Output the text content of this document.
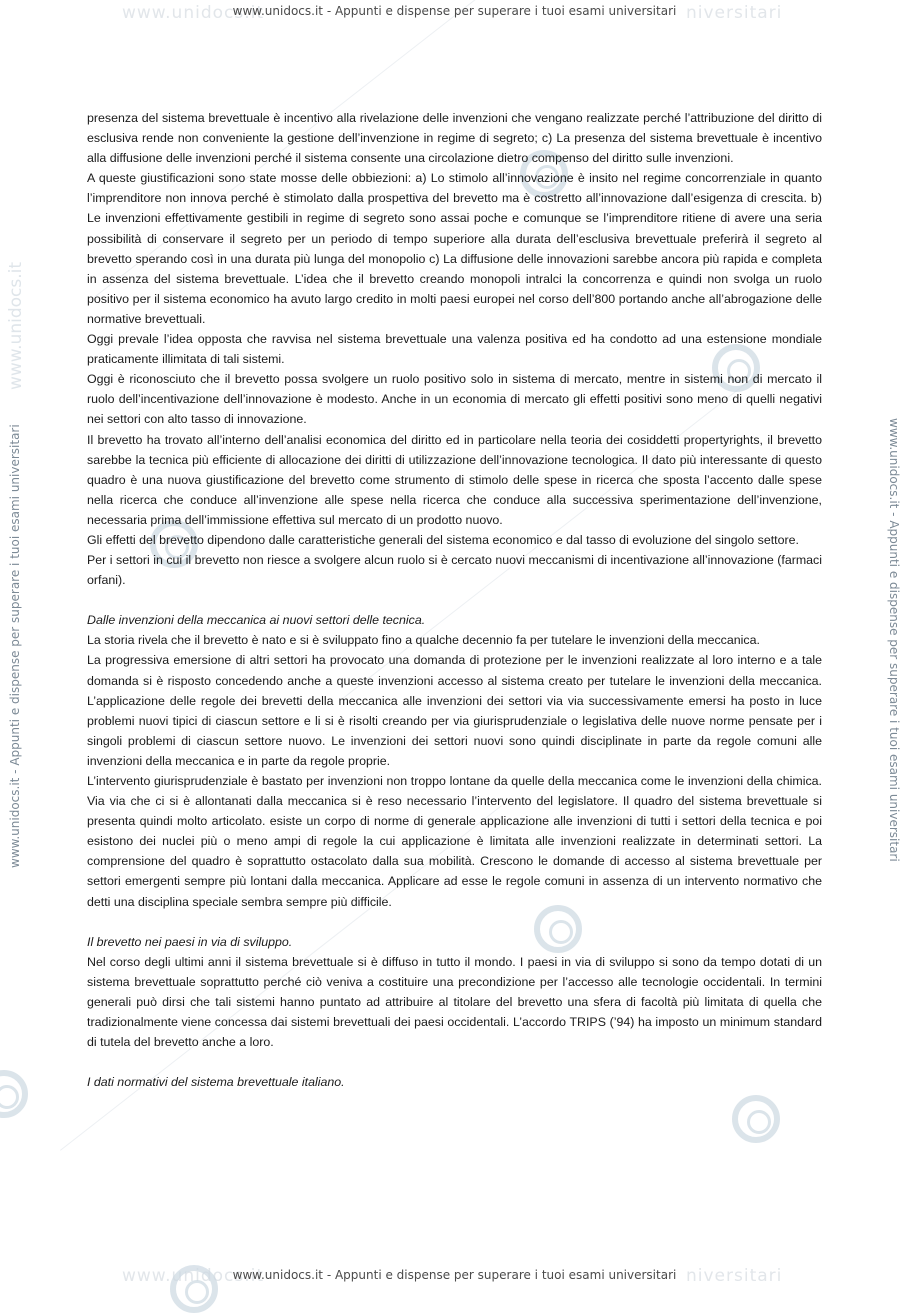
www.unidocs.it	niversitari
www.unidocs.it	niversitari
www.unidocs.it - Appunti e dispense per superare i tuoi esami universitari
www.unidocs.it - Appunti e dispense per superare i tuoi esami universitari	www.unidocs.it - Appunti e dispense per superare i tuoi esami universitari
www.unidocs.it

presenza del sistema brevettuale è incentivo alla rivelazione delle invenzioni che vengano realizzate perché l’attribuzione del diritto di esclusiva rende non conveniente la gestione dell’invenzione in regime di segreto; c) La presenza del sistema brevettuale è incentivo alla diffusione delle invenzioni perché il sistema consente una circolazione dietro compenso del diritto sulle invenzioni.

A queste giustificazioni sono state mosse delle obbiezioni: a) Lo stimolo all’innovazione è insito nel regime concorrenziale in quanto l’imprenditore non innova perché è stimolato dalla prospettiva del brevetto ma è costretto all’innovazione dall’esigenza di crescita. b) Le invenzioni effettivamente gestibili in regime di segreto sono assai poche e comunque se l’imprenditore ritiene di avere una seria possibilità di conservare il segreto per un periodo di tempo superiore alla durata dell’esclusiva brevettuale preferirà il segreto al brevetto sperando così in una durata più lunga del monopolio c) La diffusione delle innovazioni sarebbe ancora più rapida e completa in assenza del sistema brevettuale. L’idea che il brevetto creando monopoli intralci la concorrenza e quindi non svolga un ruolo positivo per il sistema economico ha avuto largo credito in molti paesi europei nel corso dell’800 portando anche all’abrogazione delle normative brevettuali.

Oggi prevale l’idea opposta che ravvisa nel sistema brevettuale una valenza positiva ed ha condotto ad una estensione mondiale praticamente illimitata di tali sistemi.

Oggi è riconosciuto che il brevetto possa svolgere un ruolo positivo solo in sistema di mercato, mentre in sistemi non di mercato il ruolo dell’incentivazione dell’innovazione è modesto. Anche in un economia di mercato gli effetti positivi sono meno di quelli negativi nei settori con alto tasso di innovazione.

Il brevetto ha trovato all’interno dell’analisi economica del diritto ed in particolare nella teoria dei cosiddetti propertyrights, il brevetto sarebbe la tecnica più efficiente di allocazione dei diritti di utilizzazione dell’innovazione tecnologica. Il dato più interessante di questo quadro è una nuova giustificazione del brevetto come strumento di stimolo delle spese in ricerca che sposta l’accento dalle spese nella ricerca che conduce all’invenzione alle spese nella ricerca che conduce alla successiva sperimentazione dell’invenzione, necessaria prima dell’immissione effettiva sul mercato di un prodotto nuovo.

Gli effetti del brevetto dipendono dalle caratteristiche generali del sistema economico e dal tasso di evoluzione del singolo settore.

Per i settori in cui il brevetto non riesce a svolgere alcun ruolo si è cercato nuovi meccanismi di incentivazione all’innovazione (farmaci orfani).

Dalle invenzioni della meccanica ai nuovi settori delle tecnica.

La storia rivela che il brevetto è nato e si è sviluppato fino a qualche decennio fa per tutelare le invenzioni della meccanica.

La progressiva emersione di altri settori ha provocato una domanda di protezione per le invenzioni realizzate al loro interno e a tale domanda si è risposto concedendo anche a queste invenzioni accesso al sistema creato per tutelare le invenzioni della meccanica. L’applicazione delle regole dei brevetti della meccanica alle invenzioni dei settori via via successivamente emersi ha posto in luce problemi nuovi tipici di ciascun settore e li si è risolti creando per via giurisprudenziale o legislativa delle nuove norme pensate per i singoli problemi di ciascun settore nuovo. Le invenzioni dei settori nuovi sono quindi disciplinate in parte da regole comuni alle invenzioni della meccanica e in parte da regole proprie.

L’intervento giurisprudenziale è bastato per invenzioni non troppo lontane da quelle della meccanica come le invenzioni della chimica. Via via che ci si è allontanati dalla meccanica si è reso necessario l’intervento del legislatore. Il quadro del sistema brevettuale si presenta quindi molto articolato. esiste un corpo di norme di generale applicazione alle invenzioni di tutti i settori della tecnica e poi esistono dei nuclei più o meno ampi di regole la cui applicazione è limitata alle invenzioni realizzate in determinati settori. La comprensione del quadro è soprattutto ostacolato dalla sua mobilità. Crescono le domande di accesso al sistema brevettuale per settori emergenti sempre più lontani dalla meccanica. Applicare ad esse le regole comuni in assenza di un intervento normativo che detti una disciplina speciale sembra sempre più difficile.

Il brevetto nei paesi in via di sviluppo.

Nel corso degli ultimi anni il sistema brevettuale si è diffuso in tutto il mondo. I paesi in via di sviluppo si sono da tempo dotati di un sistema brevettuale soprattutto perché ciò veniva a costituire una precondizione per l’accesso alle tecnologie occidentali. In termini generali può dirsi che tali sistemi hanno puntato ad attribuire al titolare del brevetto una sfera di facoltà più limitata di quella che tradizionalmente viene concessa dai sistemi brevettuali dei paesi occidentali. L’accordo TRIPS (’94) ha imposto un minimum standard di tutela del brevetto anche a loro.

I dati normativi del sistema brevettuale italiano.

www.unidocs.it - Appunti e dispense per superare i tuoi esami universitari
